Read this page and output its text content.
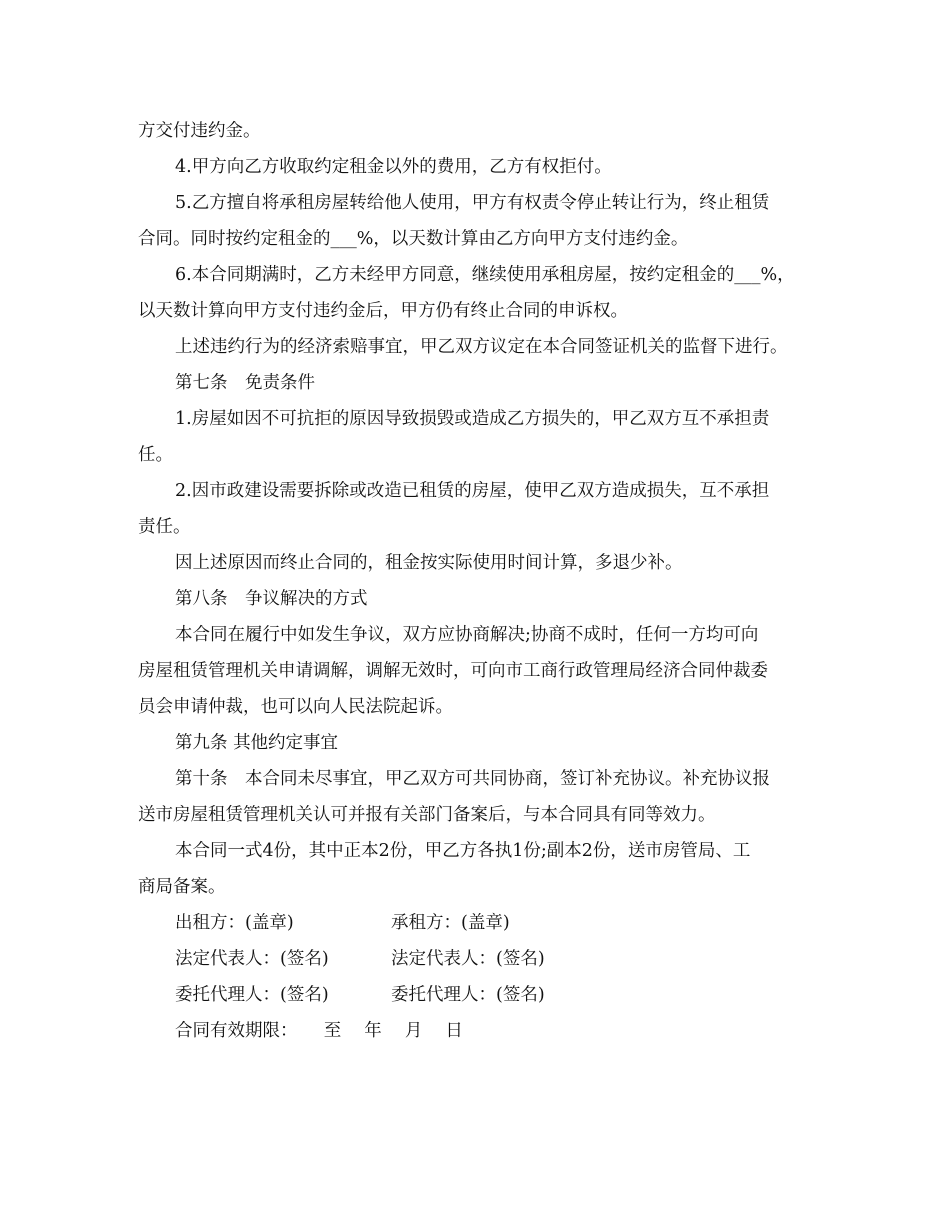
方交付违约金。

4.甲方向乙方收取约定租金以外的费用，乙方有权拒付。

5.乙方擅自将承租房屋转给他人使用，甲方有权责令停止转让行为，终止租赁

合同。同时按约定租金的___%，以天数计算由乙方向甲方支付违约金。

6.本合同期满时，乙方未经甲方同意，继续使用承租房屋，按约定租金的___%，

以天数计算向甲方支付违约金后，甲方仍有终止合同的申诉权。

上述违约行为的经济索赔事宜，甲乙双方议定在本合同签证机关的监督下进行。

第七条　免责条件

1.房屋如因不可抗拒的原因导致损毁或造成乙方损失的，甲乙双方互不承担责

任。

2.因市政建设需要拆除或改造已租赁的房屋，使甲乙双方造成损失，互不承担

责任。

因上述原因而终止合同的，租金按实际使用时间计算，多退少补。

第八条　争议解决的方式

本合同在履行中如发生争议，双方应协商解决;协商不成时，任何一方均可向

房屋租赁管理机关申请调解，调解无效时，可向市工商行政管理局经济合同仲裁委

员会申请仲裁，也可以向人民法院起诉。

第九条 其他约定事宜

第十条　本合同未尽事宜，甲乙双方可共同协商，签订补充协议。补充协议报

送市房屋租赁管理机关认可并报有关部门备案后，与本合同具有同等效力。

本合同一式4份，其中正本2份，甲乙方各执1份;副本2份，送市房管局、工

商局备案。

出租方：(盖章)	承租方：(盖章)
法定代表人：(签名)	法定代表人：(签名)
委托代理人：(签名)	委托代理人：(签名)

合同有效期限：　　至　 年　 月　 日
